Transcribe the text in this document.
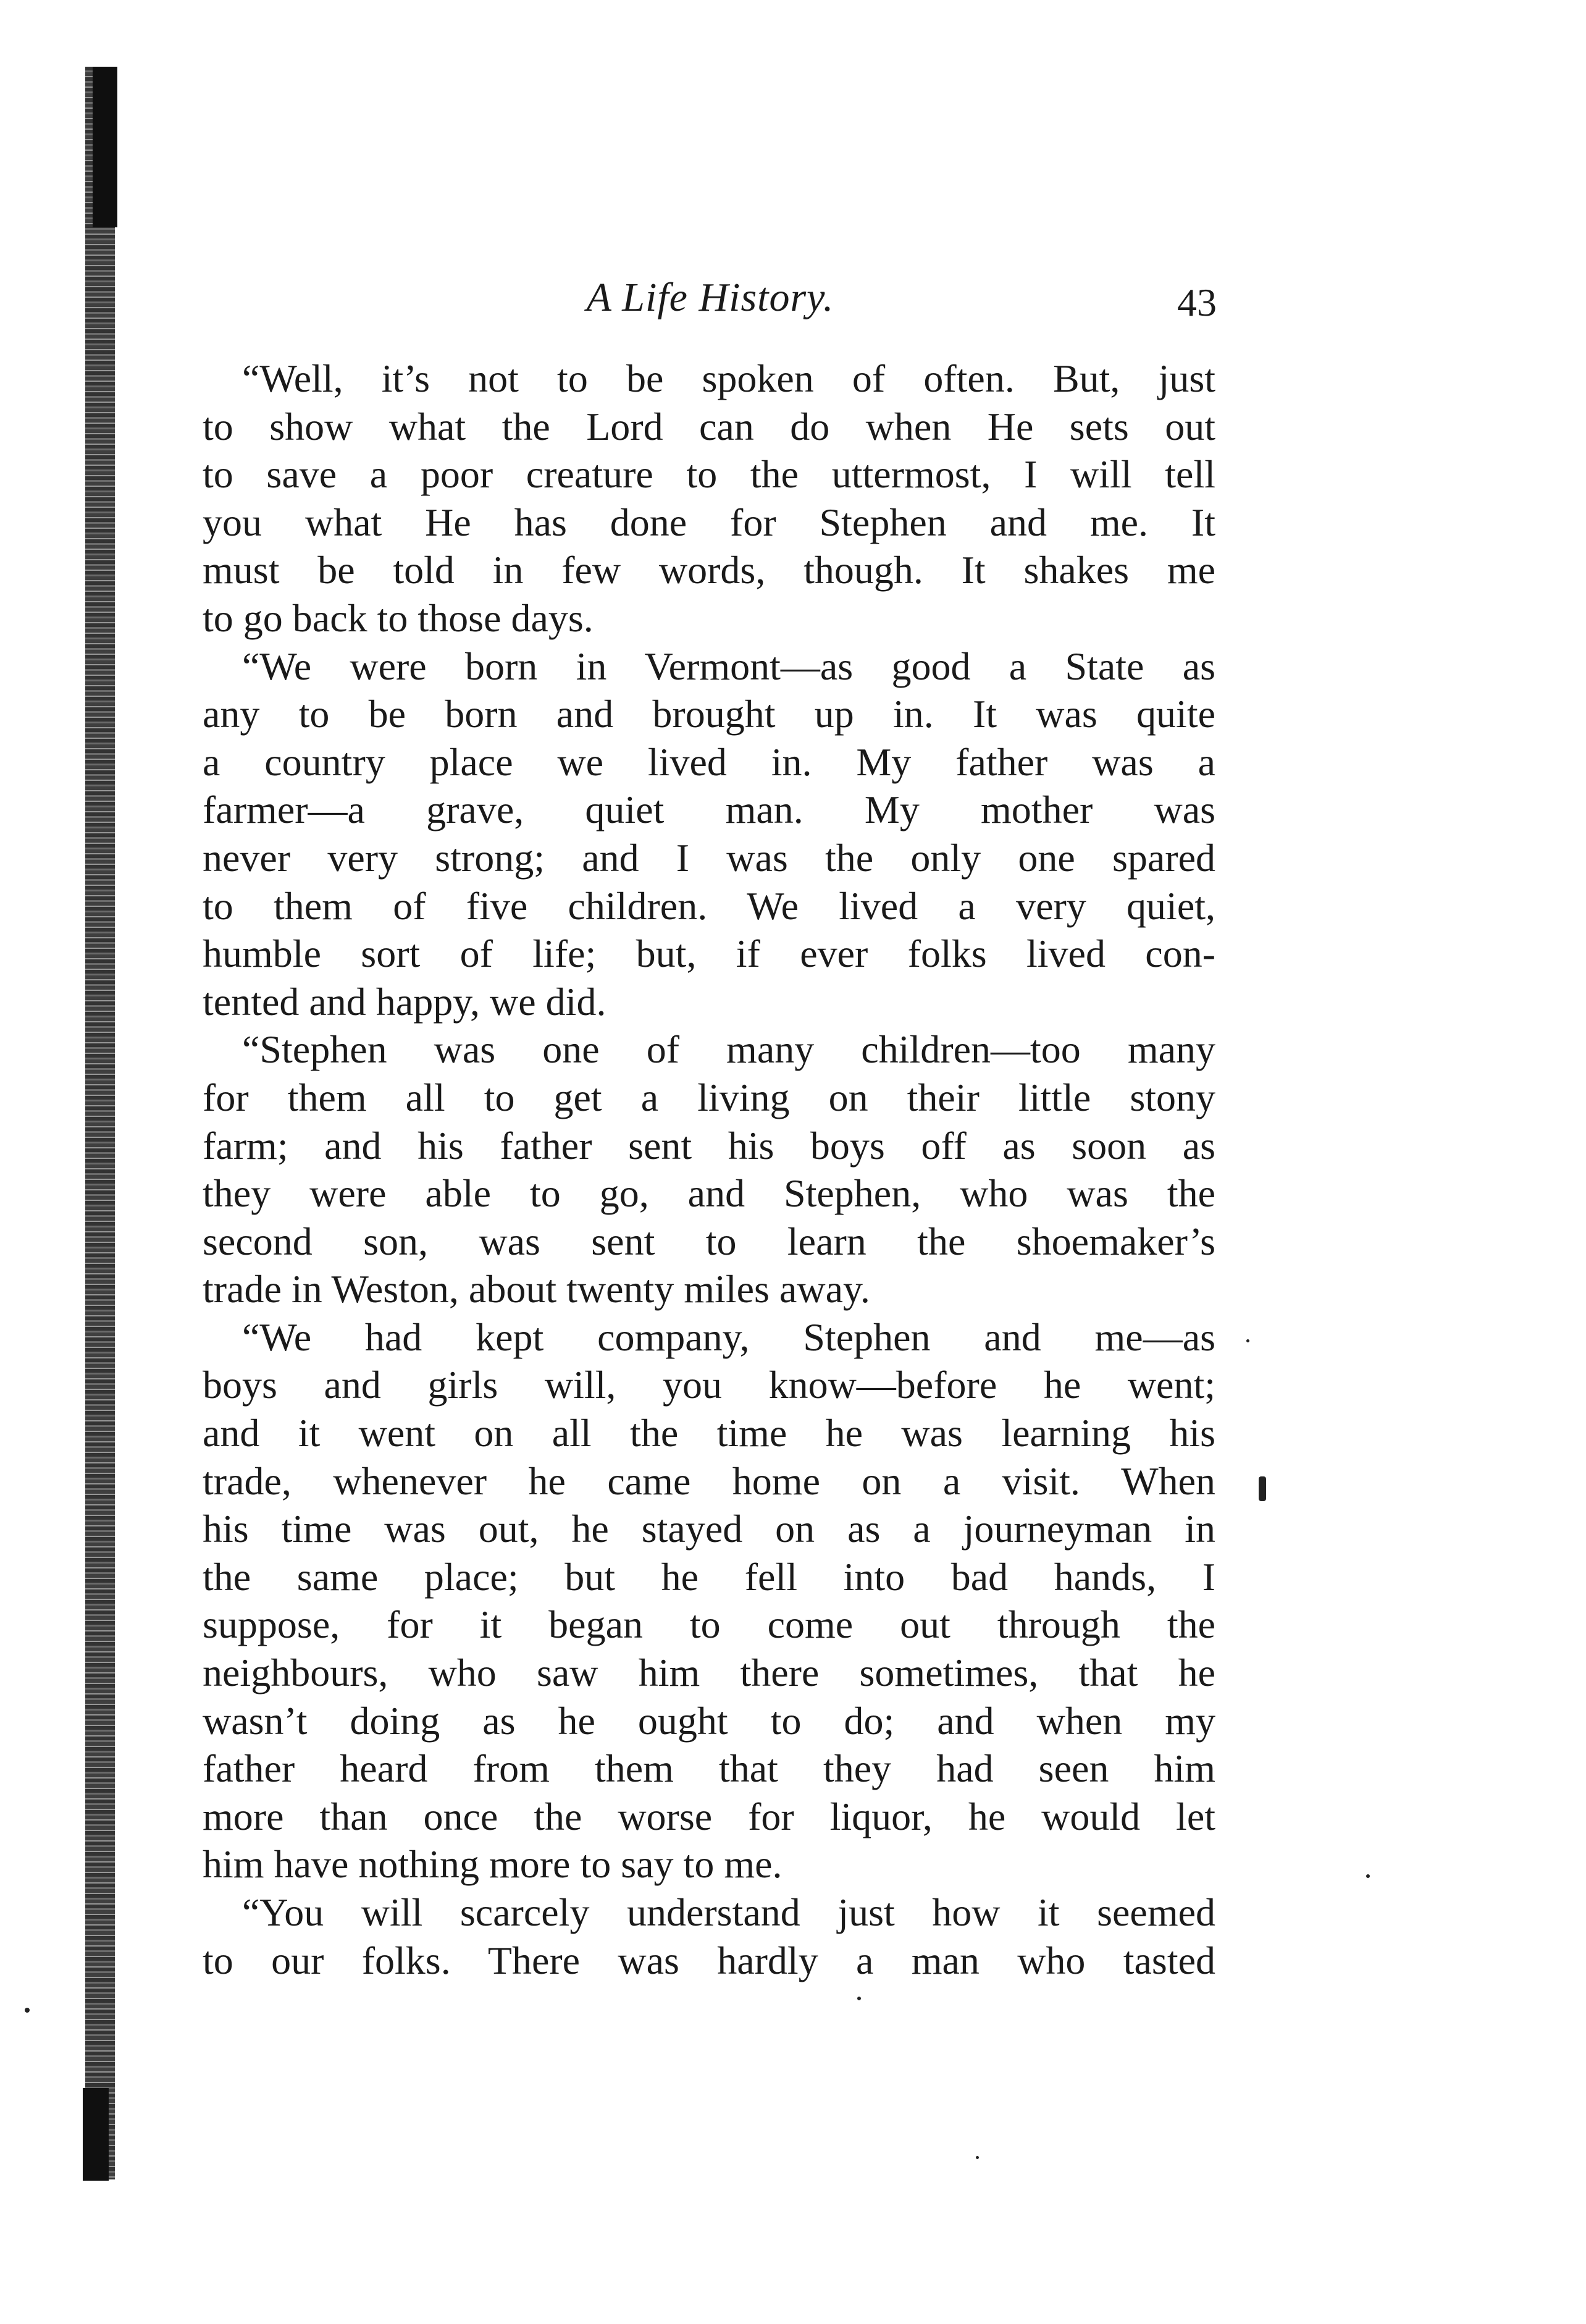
A Life History.	43
“Well, it’s not to be spoken of often. But, just
to show what the Lord can do when He sets out
to save a poor creature to the uttermost, I will tell
you what He has done for Stephen and me. It
must be told in few words, though. It shakes me
to go back to those days.
“We were born in Vermont—as good a State as
any to be born and brought up in. It was quite
a country place we lived in. My father was a
farmer—a grave, quiet man. My mother was
never very strong; and I was the only one spared
to them of five children. We lived a very quiet,
humble sort of life; but, if ever folks lived con-
tented and happy, we did.
“Stephen was one of many children—too many
for them all to get a living on their little stony
farm; and his father sent his boys off as soon as
they were able to go, and Stephen, who was the
second son, was sent to learn the shoemaker’s
trade in Weston, about twenty miles away.
“We had kept company, Stephen and me—as
boys and girls will, you know—before he went;
and it went on all the time he was learning his
trade, whenever he came home on a visit. When
his time was out, he stayed on as a journeyman in
the same place; but he fell into bad hands, I
suppose, for it began to come out through the
neighbours, who saw him there sometimes, that he
wasn’t doing as he ought to do; and when my
father heard from them that they had seen him
more than once the worse for liquor, he would let
him have nothing more to say to me.
“You will scarcely understand just how it seemed
to our folks. There was hardly a man who tasted
